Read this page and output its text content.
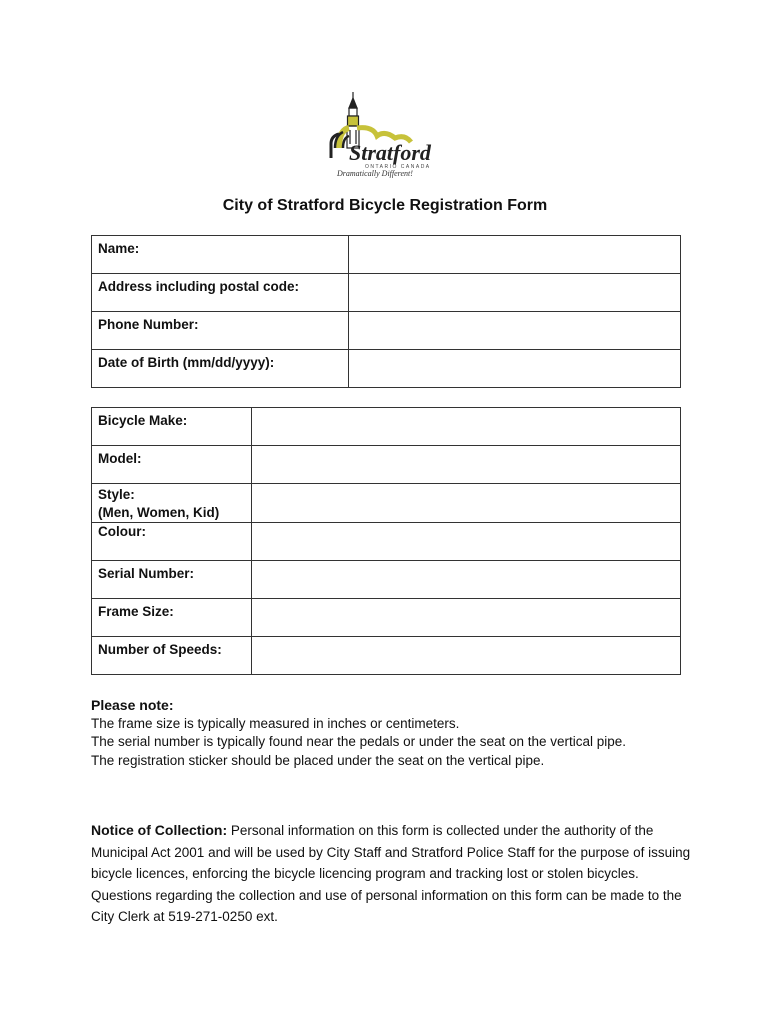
Stratford
ONTARIO CANADA
Dramatically Different!
City of Stratford Bicycle Registration Form
Name:	
Address including postal code:	
Phone Number:	
Date of Birth (mm/dd/yyyy):	
Bicycle Make:	
Model:	
Style:
(Men, Women, Kid)	
Colour:	
Serial Number:	
Frame Size:	
Number of Speeds:	
Please note:
The frame size is typically measured in inches or centimeters.
The serial number is typically found near the pedals or under the seat on the vertical pipe.
The registration sticker should be placed under the seat on the vertical pipe.
Notice of Collection: Personal information on this form is collected under the authority of the Municipal Act 2001 and will be used by City Staff and Stratford Police Staff for the purpose of issuing bicycle licences, enforcing the bicycle licencing program and tracking lost or stolen bicycles. Questions regarding the collection and use of personal information on this form can be made to the City Clerk at 519-271-0250 ext.
